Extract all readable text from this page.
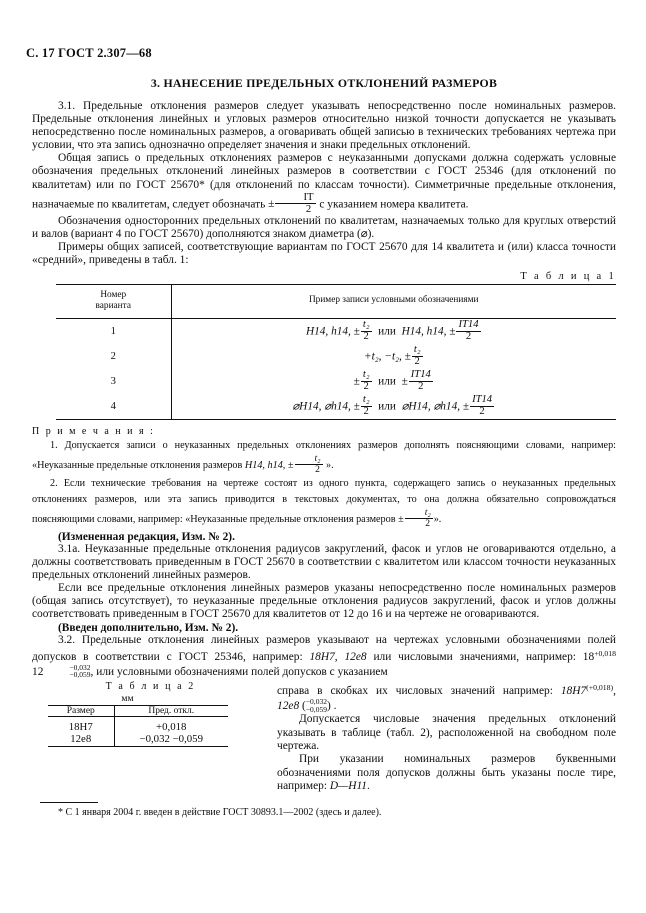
С. 17 ГОСТ 2.307—68
3. НАНЕСЕНИЕ ПРЕДЕЛЬНЫХ ОТКЛОНЕНИЙ РАЗМЕРОВ

3.1. Предельные отклонения размеров следует указывать непосредственно после номинальных размеров. Предельные отклонения линейных и угловых размеров относительно низкой точности допускается не указывать непосредственно после номинальных размеров, а оговаривать общей записью в технических требованиях чертежа при условии, что эта запись однозначно определяет значения и знаки предельных отклонений.

Общая запись о предельных отклонениях размеров с неуказанными допусками должна содержать условные обозначения предельных отклонений линейных размеров в соответствии с ГОСТ 25346 (для отклонений по квалитетам) или по ГОСТ 25670* (для отклонений по классам точности). Симметричные предельные отклонения, назначаемые по квалитетам, следует обозначать ± $\frac{IT}{2}$ с указанием номера квалитета.

Обозначения односторонних предельных отклонений по квалитетам, назначаемых только для круглых отверстий и валов (вариант 4 по ГОСТ 25670) дополняются знаком диаметра (⌀).

Примеры общих записей, соответствующие вариантам по ГОСТ 25670 для 14 квалитета и (или) класса точности «средний», приведены в табл. 1:

Т а б л и ц а 1
Номер
варианта	Пример записи условными обозначениями
1	H14, h14, ± $\frac{\text{t₂}}{2}$ или H14, h14, ± $\frac{IT14}{2}$

2	+t₂, −t₂, ± $\frac{\text{t₂}}{2}$

3	± $\frac{\text{t₂}}{2}$ или ± $\frac{IT14}{2}$

4	⌀H14, ⌀h14, ± $\frac{\text{t₂}}{2}$ или ⌀H14, ⌀h14, ± $\frac{IT14}{2}$
П р и м е ч а н и я :

1. Допускается записи о неуказанных предельных отклонениях размеров дополнять поясняющими словами, например: «Неуказанные предельные отклонения размеров H14, h14, ± $\frac{\text{t₂}}{2}$ ».

2. Если технические требования на чертеже состоят из одного пункта, содержащего запись о неуказанных предельных отклонениях размеров, или эта запись приводится в текстовых документах, то она должна обязательно сопровождаться поясняющими словами, например: «Неуказанные предельные отклонения размеров ± $\frac{\text{t₂}}{2}$ ».

(Измененная редакция, Изм. № 2).

3.1а. Неуказанные предельные отклонения радиусов закруглений, фасок и углов не оговариваются отдельно, а должны соответствовать приведенным в ГОСТ 25670 в соответствии с квалитетом или классом точности неуказанных предельных отклонений линейных размеров.

Если все предельные отклонения линейных размеров указаны непосредственно после номинальных размеров (общая запись отсутствует), то неуказанные предельные отклонения радиусов закруглений, фасок и углов должны соответствовать приведенным в ГОСТ 25670 для квалитетов от 12 до 16 и на чертеже не оговариваются.

(Введен дополнительно, Изм. № 2).

3.2. Предельные отклонения линейных размеров указывают на чертежах условными обозначениями полей допусков в соответствии с ГОСТ 25346, например: 18H7, 12e8 или числовыми значениями, например: $18^{+0,018}$ 12	−0,032
−0,059 , или условными обозначениями полей допусков с указанием

Т а б л и ц а 2
мм
Размер	Пред. откл.
18H7	+0,018
12e8	−0,032 −0,059

справа в скобках их числовых значений например: $18H7^{(+0,018)}$, 12e8 ( −0,032
−0,059 ) .

Допускается числовые значения предельных отклонений указывать в таблице (табл. 2), расположенной на свободном поле чертежа.

При указании номинальных размеров буквенными обозначениями поля допусков должны быть указаны после тире, например: D—H11.

* С 1 января 2004 г. введен в действие ГОСТ 30893.1—2002 (здесь и далее).
